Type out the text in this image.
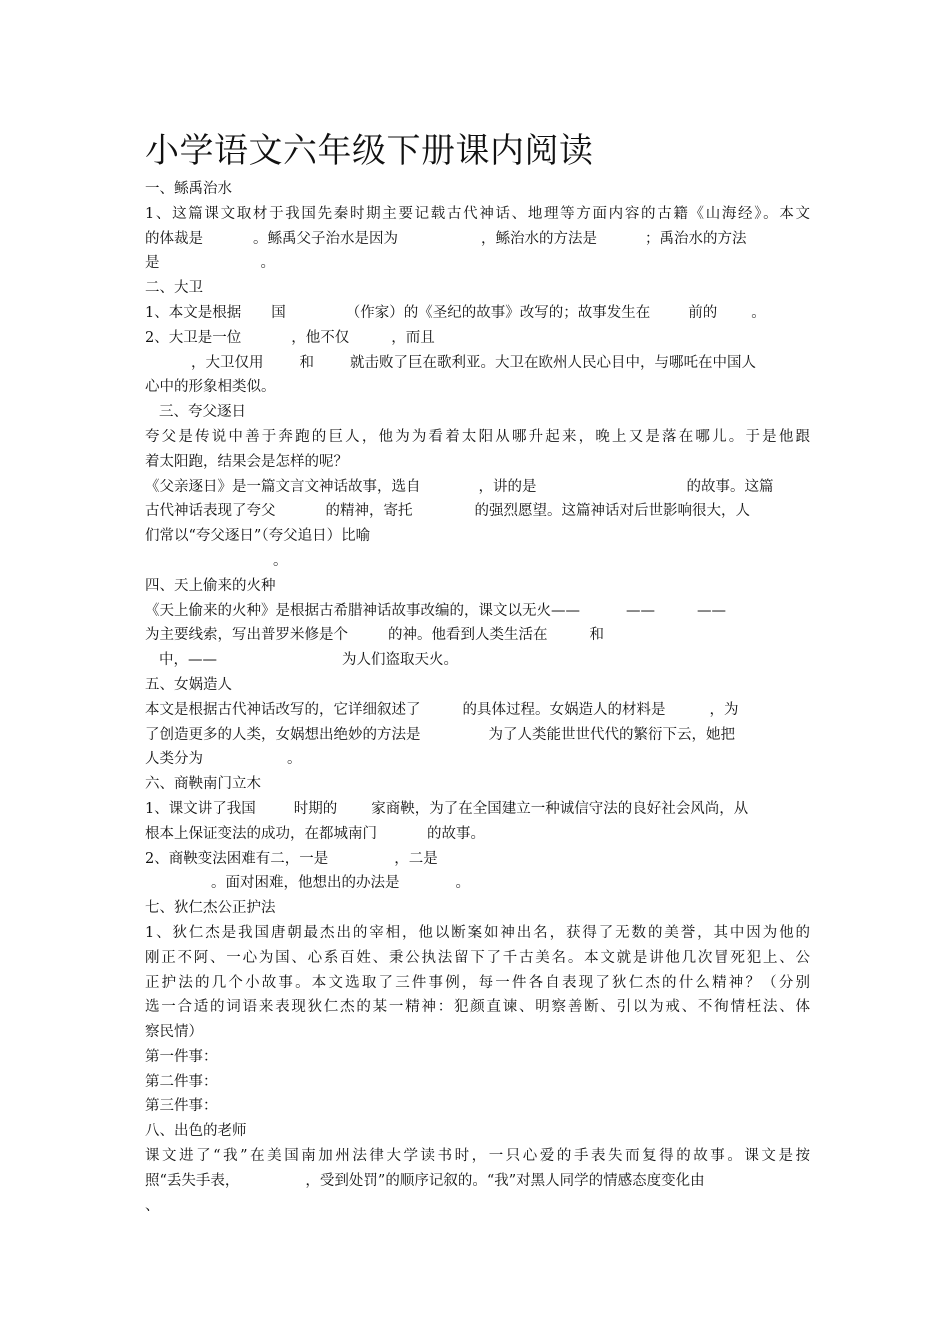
小学语文六年级下册课内阅读
一、鲧禹治水
1、这篇课文取材于我国先秦时期主要记载古代神话、地理等方面内容的古籍《山海经》。本文
的体裁是	。鲧禹父子治水是因为	，鲧治水的方法是	；禹治水的方法
是	。
二、大卫
1、本文是根据 国	（作家）的《圣纪的故事》改写的；故事发生在	前的 。
2、大卫是一位	，他不仅	，而且
，大卫仅用 和 就击败了巨在歌利亚。大卫在欧州人民心目中，与哪吒在中国人
心中的形象相类似。
三、夸父逐日
夸父是传说中善于奔跑的巨人，他为为看着太阳从哪升起来，晚上又是落在哪儿。于是他跟
着太阳跑，结果会是怎样的呢？
《父亲逐日》是一篇文言文神话故事，选自	，讲的是	的故事。这篇
古代神话表现了夸父	的精神，寄托	的强烈愿望。这篇神话对后世影响很大，人
们常以“夸父逐日”（夸父追日）比喻
。
四、天上偷来的火种
《天上偷来的火种》是根据古希腊神话故事改编的，课文以无火——	——	——
为主要线索，写出普罗米修是个	的神。他看到人类生活在	和
中，——	为人们盗取天火。
五、女娲造人
本文是根据古代神话改写的，它详细叙述了	的具体过程。女娲造人的材料是	，为
了创造更多的人类，女娲想出绝妙的方法是	为了人类能世世代代的繁衍下云，她把
人类分为	。
六、商鞅南门立木
1、课文讲了我国	时期的 家商鞅，为了在全国建立一种诚信守法的良好社会风尚，从
根本上保证变法的成功，在都城南门	的故事。
2、商鞅变法困难有二，一是	，二是
。面对困难，他想出的办法是	。
七、狄仁杰公正护法
1、狄仁杰是我国唐朝最杰出的宰相，他以断案如神出名，获得了无数的美誉，其中因为他的
刚正不阿、一心为国、心系百姓、秉公执法留下了千古美名。本文就是讲他几次冒死犯上、公
正护法的几个小故事。本文选取了三件事例，每一件各自表现了狄仁杰的什么精神？（分别
选一合适的词语来表现狄仁杰的某一精神：犯颜直谏、明察善断、引以为戒、不徇情枉法、体
察民情）
第一件事：
第二件事：
第三件事：
八、出色的老师
课文进了“我”在美国南加州法律大学读书时，一只心爱的手表失而复得的故事。课文是按
照“丢失手表，	，受到处罚”的顺序记叙的。“我”对黑人同学的情感态度变化由
、
